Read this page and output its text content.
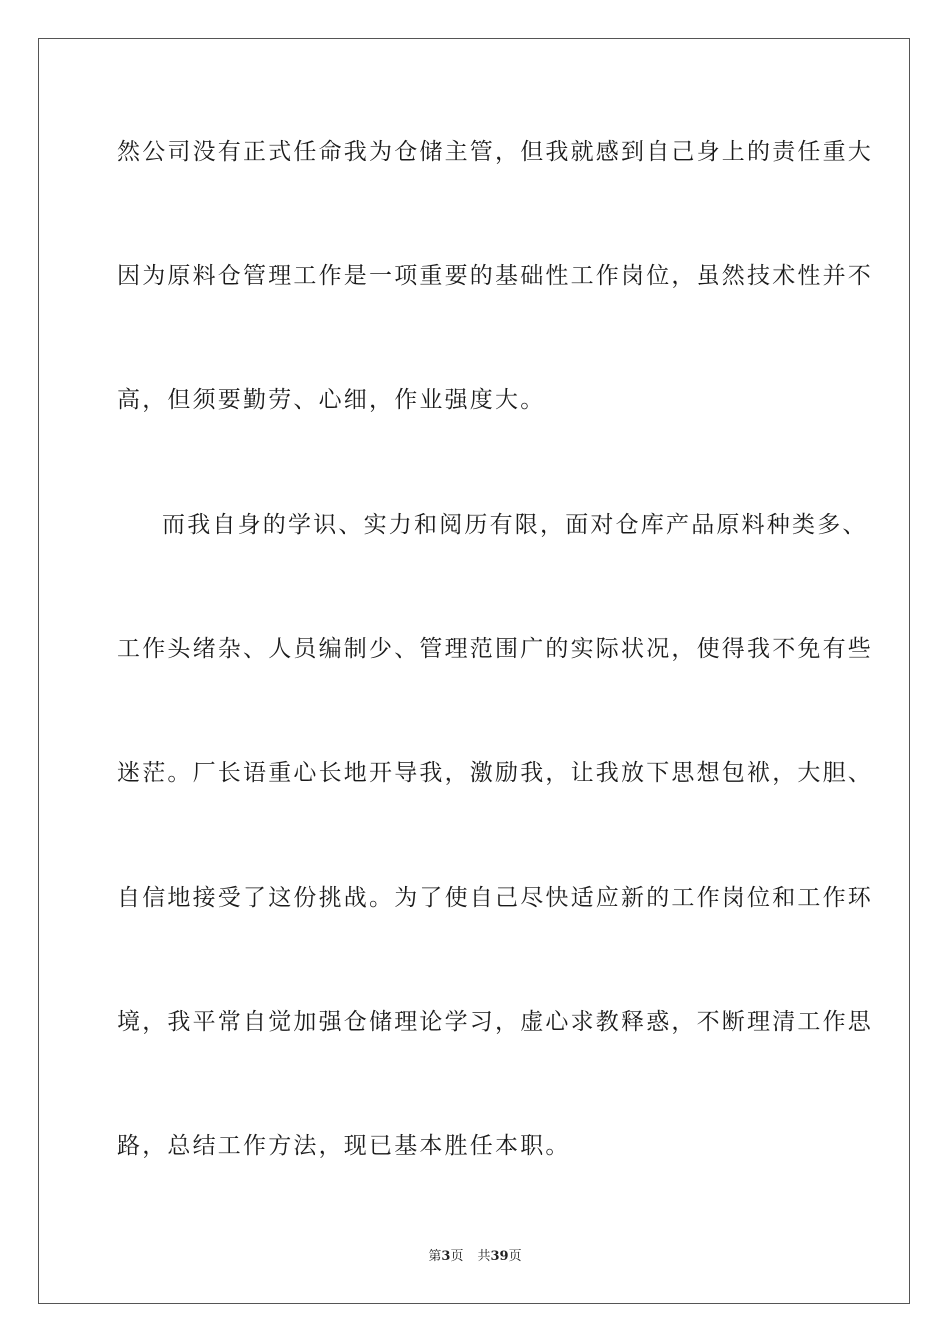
然公司没有正式任命我为仓储主管，但我就感到自己身上的责任重大
因为原料仓管理工作是一项重要的基础性工作岗位，虽然技术性并不
高，但须要勤劳、心细，作业强度大。
而我自身的学识、实力和阅历有限，面对仓库产品原料种类多、
工作头绪杂、人员编制少、管理范围广的实际状况，使得我不免有些
迷茫。厂长语重心长地开导我，激励我，让我放下思想包袱，大胆、
自信地接受了这份挑战。为了使自己尽快适应新的工作岗位和工作环
境，我平常自觉加强仓储理论学习，虚心求教释惑，不断理清工作思
路，总结工作方法，现已基本胜任本职。
第3页 共39页
